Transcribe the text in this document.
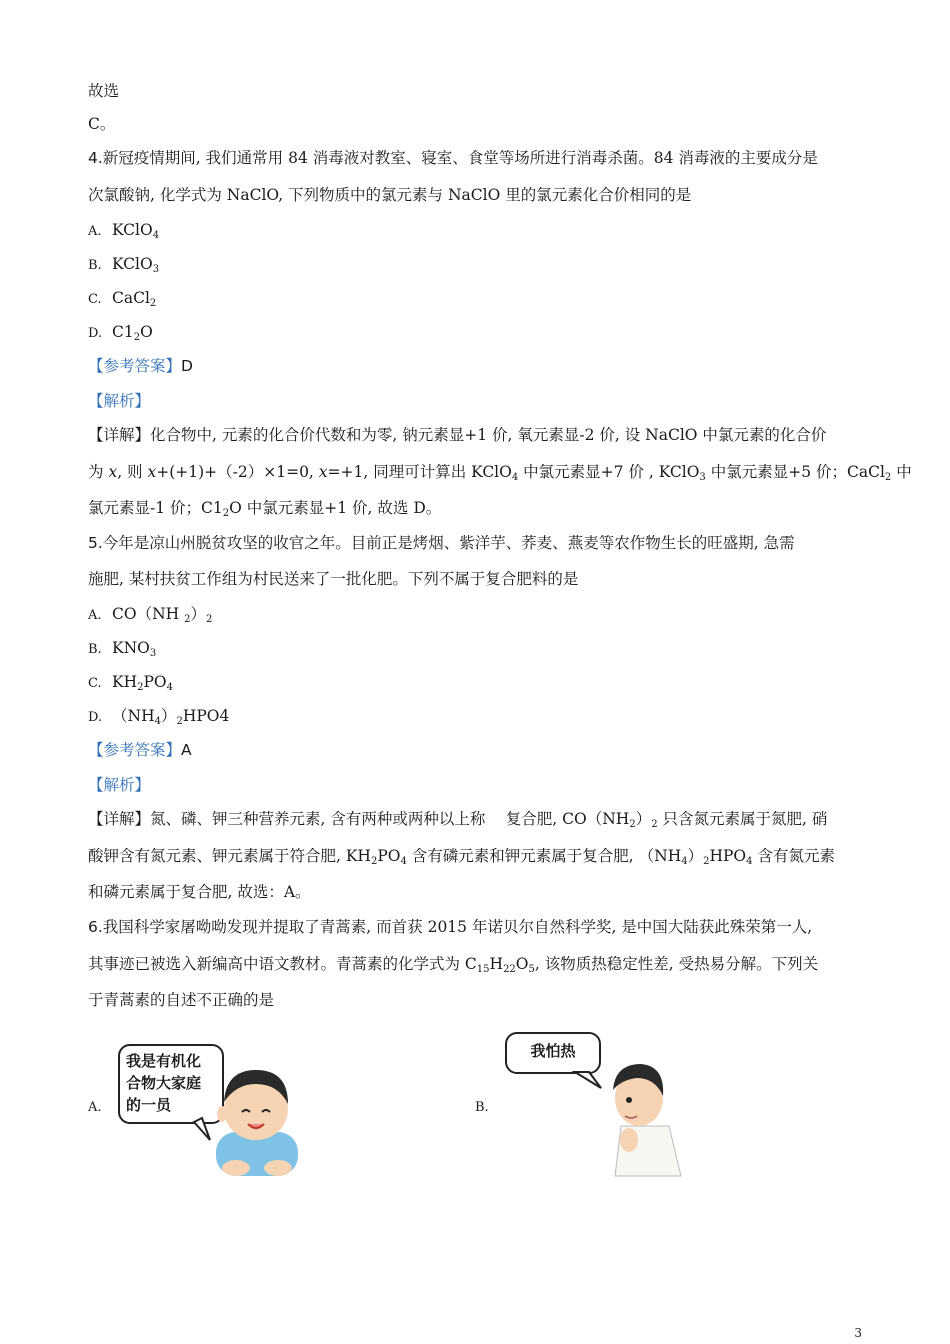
故选
C。
4.新冠疫情期间, 我们通常用 84 消毒液对教室、寝室、食堂等场所进行消毒杀菌。84 消毒液的主要成分是
次氯酸钠, 化学式为 NaClO, 下列物质中的氯元素与 NaClO 里的氯元素化合价相同的是
A. KClO$_4$
B. KClO$_3$
C. CaCl$_2$
D. $C1_2O$
【参考答案】D
【解析】
【详解】化合物中, 元素的化合价代数和为零, 钠元素显+1 价, 氧元素显-2 价, 设 NaClO 中氯元素的化合价
为 x, 则 x+(+1)+（-2）×1=0, x=+1, 同理可计算出 KClO$_4$ 中氯元素显+7 价 , KClO$_3$ 中氯元素显+5 价；CaCl$_2$ 中
氯元素显-1 价；$C1_2O$ 中氯元素显+1 价, 故选 D。
5.今年是凉山州脱贫攻坚的收官之年。目前正是烤烟、紫洋芋、荞麦、燕麦等农作物生长的旺盛期, 急需
施肥, 某村扶贫工作组为村民送来了一批化肥。下列不属于复合肥料的是
A. CO（NH $_2)_2$
B. $KNO_3$
C. $KH_2PO_4$
D. $(NH_4)_2HPO4$
【参考答案】A
【解析】
【详解】氮、磷、钾三种营养元素, 含有两种或两种以上称　 复合肥, $CO(NH_2)_2$ 只含氮元素属于氮肥, 硝
酸钾含有氮元素、钾元素属于符合肥, $KH_2PO_4$ 含有磷元素和钾元素属于复合肥, $(NH_4)_2HPO_4$ 含有氮元素
和磷元素属于复合肥, 故选：A。
6.我国科学家屠呦呦发现并提取了青蒿素, 而首获 2015 年诺贝尔自然科学奖, 是中国大陆获此殊荣第一人,
其事迹已被选入新编高中语文教材。青蒿素的化学式为 $C_{15}H_{22}O_5$, 该物质热稳定性差, 受热易分解。下列关
于青蒿素的自述不正确的是
A.
我是有机化
合物大家庭
的一员	B.
我怕热
3
